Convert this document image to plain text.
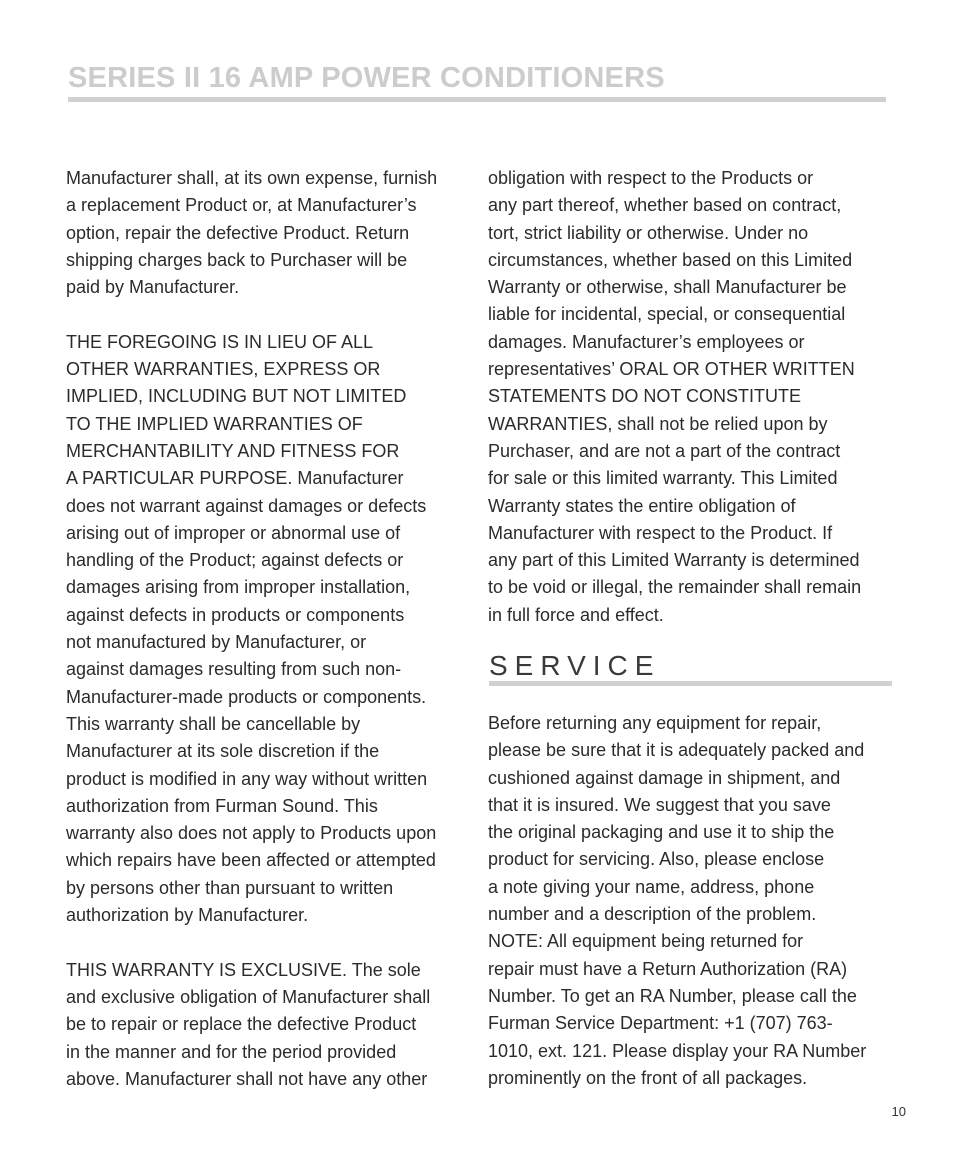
SERIES II 16 AMP POWER CONDITIONERS
Manufacturer shall, at its own expense, furnish
a replacement Product or, at Manufacturer’s
option, repair the defective Product. Return
shipping charges back to Purchaser will be
paid by Manufacturer.
THE FOREGOING IS IN LIEU OF ALL
OTHER WARRANTIES, EXPRESS OR
IMPLIED, INCLUDING BUT NOT LIMITED
TO THE IMPLIED WARRANTIES OF
MERCHANTABILITY AND FITNESS FOR
A PARTICULAR PURPOSE. Manufacturer
does not warrant against damages or defects
arising out of improper or abnormal use of
handling of the Product; against defects or
damages arising from improper installation,
against defects in products or components
not manufactured by Manufacturer, or
against damages resulting from such non-
Manufacturer-made products or components.
This warranty shall be cancellable by
Manufacturer at its sole discretion if the
product is modified in any way without written
authorization from Furman Sound. This
warranty also does not apply to Products upon
which repairs have been affected or attempted
by persons other than pursuant to written
authorization by Manufacturer.
THIS WARRANTY IS EXCLUSIVE. The sole
and exclusive obligation of Manufacturer shall
be to repair or replace the defective Product
in the manner and for the period provided
above. Manufacturer shall not have any other
obligation with respect to the Products or
any part thereof, whether based on contract,
tort, strict liability or otherwise. Under no
circumstances, whether based on this Limited
Warranty or otherwise, shall Manufacturer be
liable for incidental, special, or consequential
damages. Manufacturer’s employees or
representatives’ ORAL OR OTHER WRITTEN
STATEMENTS DO NOT CONSTITUTE
WARRANTIES, shall not be relied upon by
Purchaser, and are not a part of the contract
for sale or this limited warranty. This Limited
Warranty states the entire obligation of
Manufacturer with respect to the Product. If
any part of this Limited Warranty is determined
to be void or illegal, the remainder shall remain
in full force and effect.
SERVICE
Before returning any equipment for repair,
please be sure that it is adequately packed and
cushioned against damage in shipment, and
that it is insured. We suggest that you save
the original packaging and use it to ship the
product for servicing. Also, please enclose
a note giving your name, address, phone
number and a description of the problem.
NOTE: All equipment being returned for
repair must have a Return Authorization (RA)
Number. To get an RA Number, please call the
Furman Service Department: +1 (707) 763-
1010, ext. 121. Please display your RA Number
prominently on the front of all packages.
10
